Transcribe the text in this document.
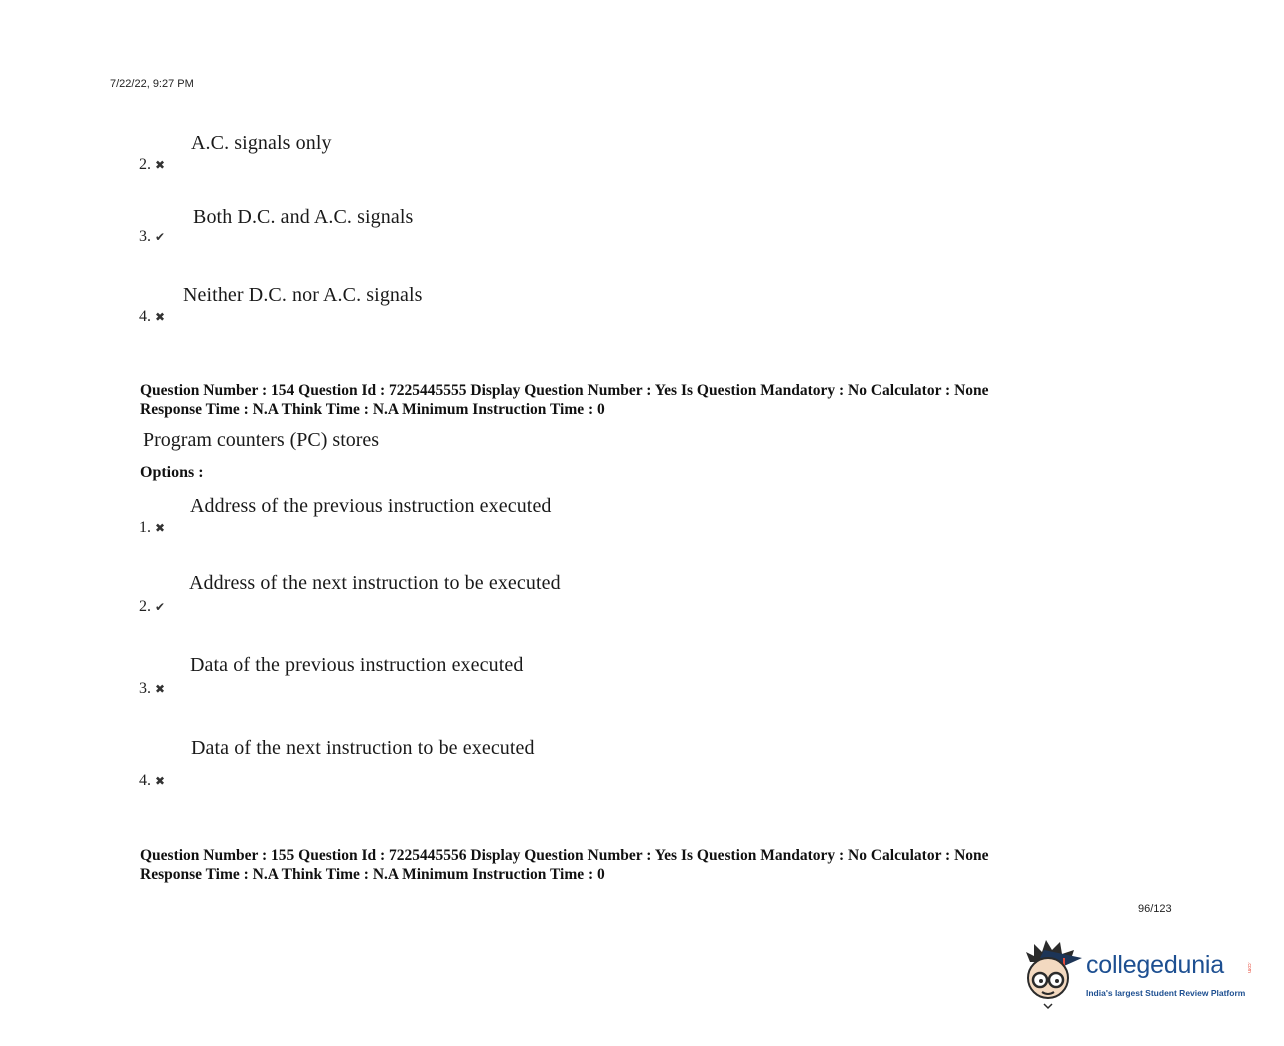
7/22/22, 9:27 PM
A.C. signals only
2. ✖
Both D.C. and A.C. signals
3. ✔
Neither D.C. nor A.C. signals
4. ✖
Question Number : 154 Question Id : 7225445555 Display Question Number : Yes Is Question Mandatory : No Calculator : None
Response Time : N.A Think Time : N.A Minimum Instruction Time : 0
Program counters (PC) stores
Options :
Address of the previous instruction executed
1. ✖
Address of the next instruction to be executed
2. ✔
Data of the previous instruction executed
3. ✖
Data of the next instruction to be executed
4. ✖
Question Number : 155 Question Id : 7225445556 Display Question Number : Yes Is Question Mandatory : No Calculator : None
Response Time : N.A Think Time : N.A Minimum Instruction Time : 0
96/123
collegedunia	.com
India's largest Student Review Platform
